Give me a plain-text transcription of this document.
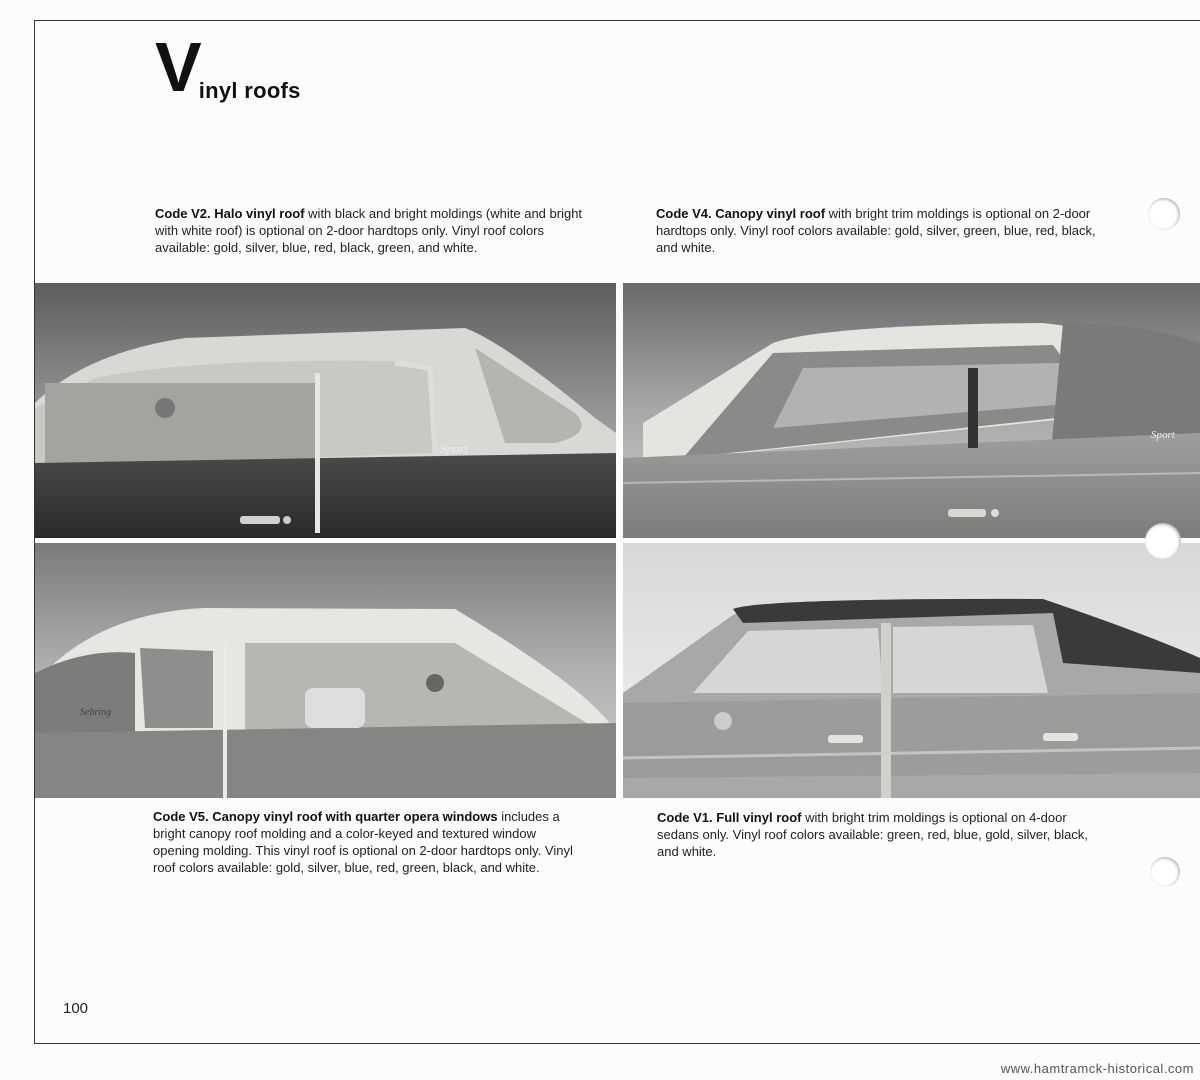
Vinyl roofs

Code V2. Halo vinyl roof with black and bright moldings (white and bright with white roof) is optional on 2-door hardtops only. Vinyl roof colors available: gold, silver, blue, red, black, green, and white.

Code V4. Canopy vinyl roof with bright trim moldings is optional on 2-door hardtops only. Vinyl roof colors available: gold, silver, green, blue, red, black, and white.

Sport
Sport
Sebring

Code V5. Canopy vinyl roof with quarter opera windows includes a bright canopy roof molding and a color-keyed and textured window opening molding. This vinyl roof is optional on 2-door hardtops only. Vinyl roof colors available: gold, silver, blue, red, green, black, and white.

Code V1. Full vinyl roof with bright trim moldings is optional on 4-door sedans only. Vinyl roof colors available: green, red, blue, gold, silver, black, and white.

100
www.hamtramck-historical.com
